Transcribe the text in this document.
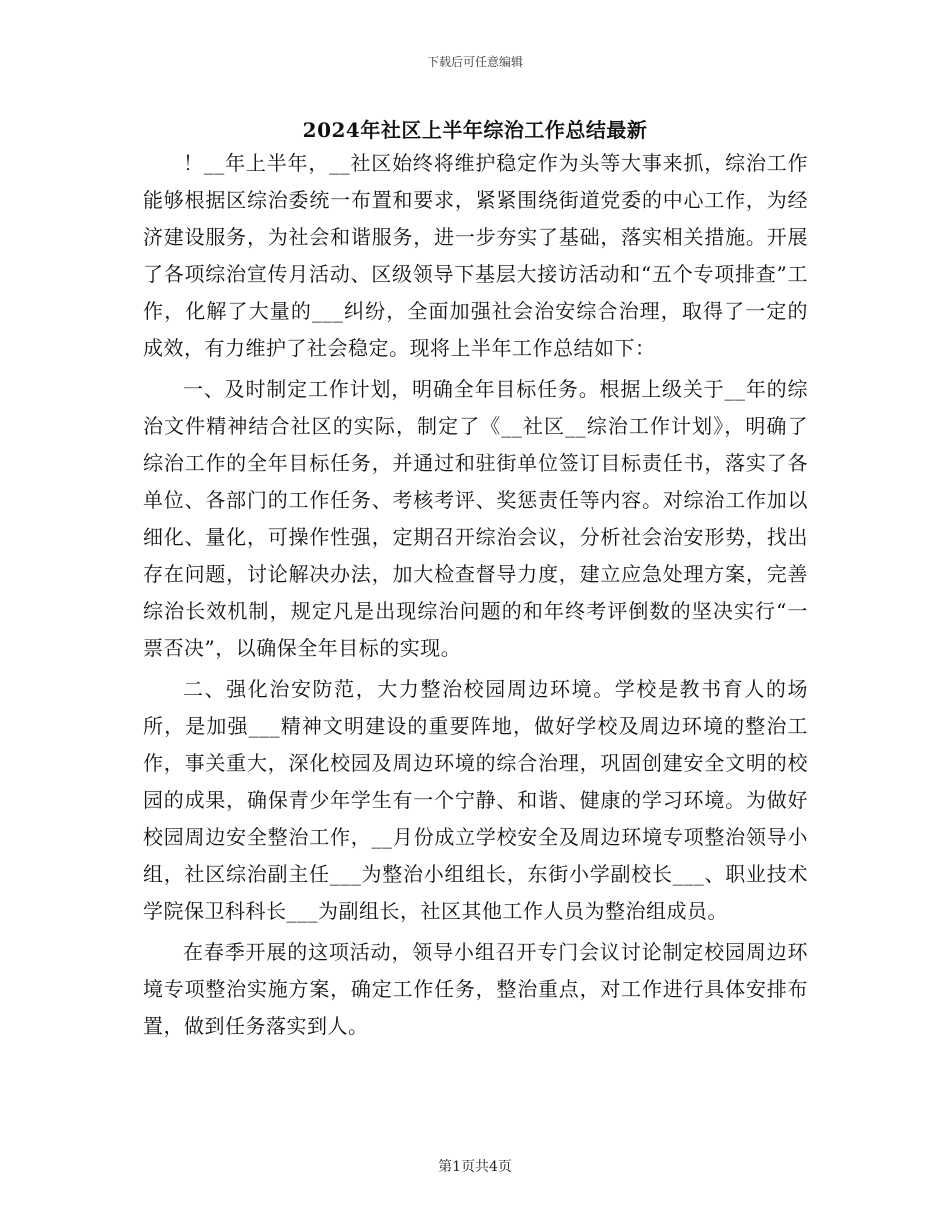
下载后可任意编辑
2024年社区上半年综治工作总结最新

！__年上半年，__社区始终将维护稳定作为头等大事来抓，综治工作能够根据区综治委统一布置和要求，紧紧围绕街道党委的中心工作，为经济建设服务，为社会和谐服务，进一步夯实了基础，落实相关措施。开展了各项综治宣传月活动、区级领导下基层大接访活动和“五个专项排查”工作，化解了大量的___纠纷，全面加强社会治安综合治理，取得了一定的成效，有力维护了社会稳定。现将上半年工作总结如下：

一、及时制定工作计划，明确全年目标任务。根据上级关于__年的综治文件精神结合社区的实际，制定了《__社区__综治工作计划》，明确了综治工作的全年目标任务，并通过和驻街单位签订目标责任书，落实了各单位、各部门的工作任务、考核考评、奖惩责任等内容。对综治工作加以细化、量化，可操作性强，定期召开综治会议，分析社会治安形势，找出存在问题，讨论解决办法，加大检查督导力度，建立应急处理方案，完善综治长效机制，规定凡是出现综治问题的和年终考评倒数的坚决实行“一票否决”，以确保全年目标的实现。

二、强化治安防范，大力整治校园周边环境。学校是教书育人的场所，是加强___精神文明建设的重要阵地，做好学校及周边环境的整治工作，事关重大，深化校园及周边环境的综合治理，巩固创建安全文明的校园的成果，确保青少年学生有一个宁静、和谐、健康的学习环境。为做好校园周边安全整治工作，__月份成立学校安全及周边环境专项整治领导小组，社区综治副主任___为整治小组组长，东街小学副校长___、职业技术学院保卫科科长___为副组长，社区其他工作人员为整治组成员。

在春季开展的这项活动，领导小组召开专门会议讨论制定校园周边环境专项整治实施方案，确定工作任务，整治重点，对工作进行具体安排布置，做到任务落实到人。

第1页共4页
